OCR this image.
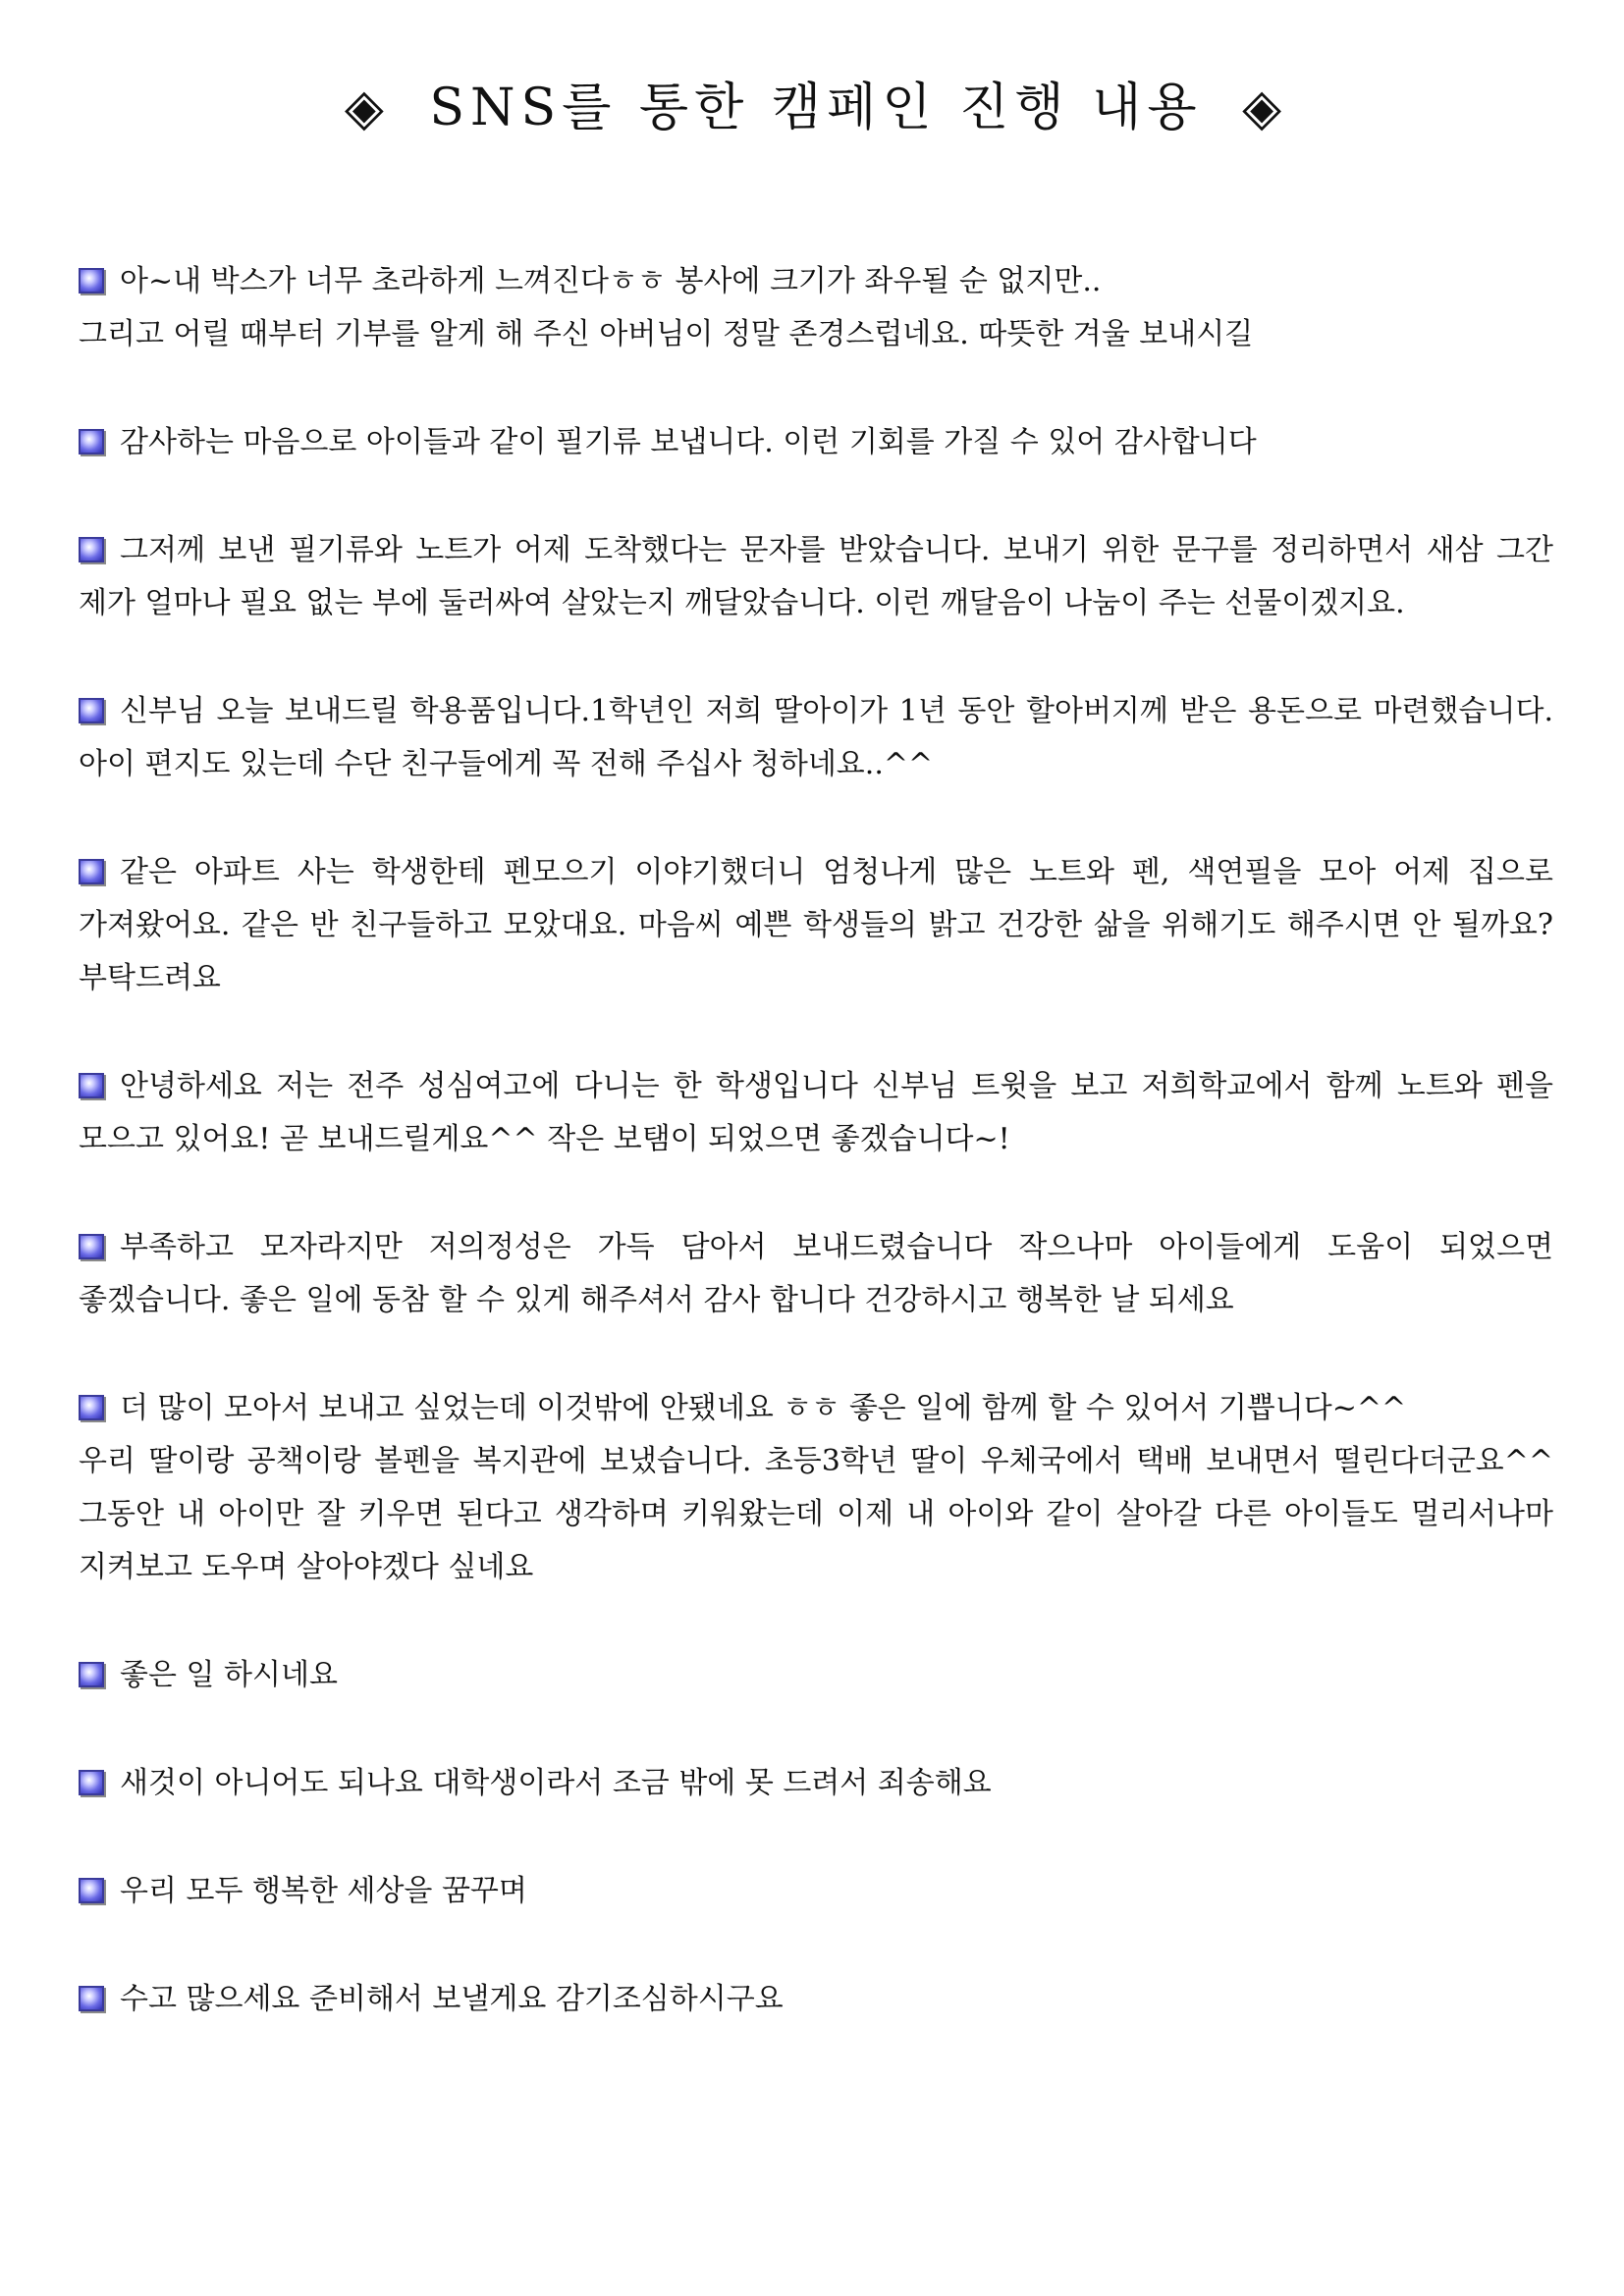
◈ SNS를 통한 캠페인 진행 내용 ◈
아~내 박스가 너무 초라하게 느껴진다ㅎㅎ 봉사에 크기가 좌우될 순 없지만..
그리고 어릴 때부터 기부를 알게 해 주신 아버님이 정말 존경스럽네요. 따뜻한 겨울 보내시길
감사하는 마음으로 아이들과 같이 필기류 보냅니다. 이런 기회를 가질 수 있어 감사합니다
그저께 보낸 필기류와 노트가 어제 도착했다는 문자를 받았습니다. 보내기 위한 문구를 정리하면서 새삼 그간 제가 얼마나 필요 없는 부에 둘러싸여 살았는지 깨달았습니다. 이런 깨달음이 나눔이 주는 선물이겠지요.
신부님 오늘 보내드릴 학용품입니다.1학년인 저희 딸아이가 1년 동안 할아버지께 받은 용돈으로 마련했습니다. 아이 편지도 있는데 수단 친구들에게 꼭 전해 주십사 청하네요..^^
같은 아파트 사는 학생한테 펜모으기 이야기했더니 엄청나게 많은 노트와 펜, 색연필을 모아 어제 집으로 가져왔어요. 같은 반 친구들하고 모았대요. 마음씨 예쁜 학생들의 밝고 건강한 삶을 위해기도 해주시면 안 될까요? 부탁드려요
안녕하세요 저는 전주 성심여고에 다니는 한 학생입니다 신부님 트윗을 보고 저희학교에서 함께 노트와 펜을 모으고 있어요! 곧 보내드릴게요^^ 작은 보탬이 되었으면 좋겠습니다~!
부족하고 모자라지만 저의정성은 가득 담아서 보내드렸습니다 작으나마 아이들에게 도움이 되었으면 좋겠습니다. 좋은 일에 동참 할 수 있게 해주셔서 감사 합니다 건강하시고 행복한 날 되세요
더 많이 모아서 보내고 싶었는데 이것밖에 안됐네요 ㅎㅎ 좋은 일에 함께 할 수 있어서 기쁩니다~^^
우리 딸이랑 공책이랑 볼펜을 복지관에 보냈습니다. 초등3학년 딸이 우체국에서 택배 보내면서 떨린다더군요^^그동안 내 아이만 잘 키우면 된다고 생각하며 키워왔는데 이제 내 아이와 같이 살아갈 다른 아이들도 멀리서나마 지켜보고 도우며 살아야겠다 싶네요
좋은 일 하시네요
새것이 아니어도 되나요 대학생이라서 조금 밖에 못 드려서 죄송해요
우리 모두 행복한 세상을 꿈꾸며
수고 많으세요 준비해서 보낼게요 감기조심하시구요
